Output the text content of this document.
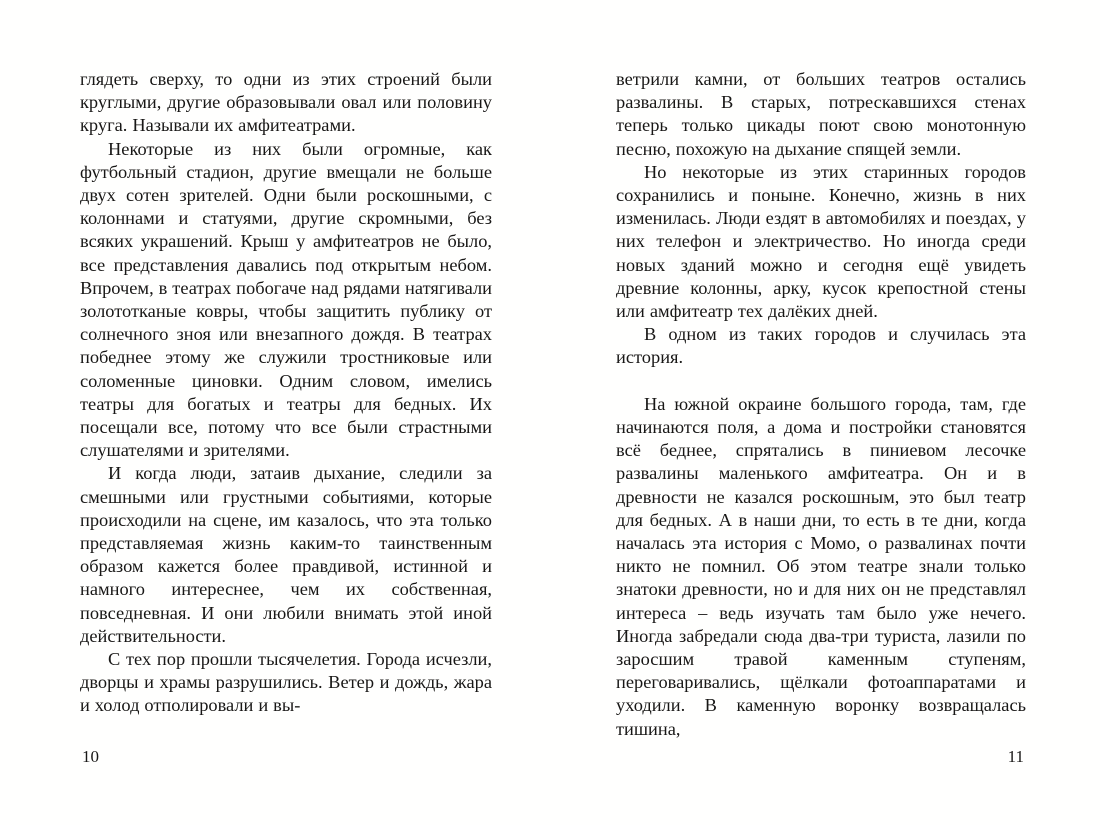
глядеть сверху, то одни из этих строений были круглыми, другие образовывали овал или половину круга. Называли их амфитеатрами.

Некоторые из них были огромные, как футбольный стадион, другие вмещали не больше двух сотен зрителей. Одни были роскошными, с колоннами и статуями, другие скромными, без всяких украшений. Крыш у амфитеатров не было, все представления давались под открытым небом. Впрочем, в театрах побогаче над рядами натягивали золототканые ковры, чтобы защитить публику от солнечного зноя или внезапного дождя. В театрах победнее этому же служили тростниковые или соломенные циновки. Одним словом, имелись театры для богатых и театры для бедных. Их посещали все, потому что все были страстными слушателями и зрителями.

И когда люди, затаив дыхание, следили за смешными или грустными событиями, которые происходили на сцене, им казалось, что эта только представляемая жизнь каким-то таинственным образом кажется более правдивой, истинной и намного интереснее, чем их собственная, повседневная. И они любили внимать этой иной действительности.

С тех пор прошли тысячелетия. Города исчезли, дворцы и храмы разрушились. Ветер и дождь, жара и холод отполировали и вы-

10

ветрили камни, от больших театров остались развалины. В старых, потрескавшихся стенах теперь только цикады поют свою монотонную песню, похожую на дыхание спящей земли.

Но некоторые из этих старинных городов сохранились и поныне. Конечно, жизнь в них изменилась. Люди ездят в автомобилях и поездах, у них телефон и электричество. Но иногда среди новых зданий можно и сегодня ещё увидеть древние колонны, арку, кусок крепостной стены или амфитеатр тех далёких дней.

В одном из таких городов и случилась эта история.

На южной окраине большого города, там, где начинаются поля, а дома и постройки становятся всё беднее, спрятались в пиниевом лесочке развалины маленького амфитеатра. Он и в древности не казался роскошным, это был театр для бедных. А в наши дни, то есть в те дни, когда началась эта история с Момо, о развалинах почти никто не помнил. Об этом театре знали только знатоки древности, но и для них он не представлял интереса – ведь изучать там было уже нечего. Иногда забредали сюда два-три туриста, лазили по заросшим травой каменным ступеням, переговаривались, щёлкали фотоаппаратами и уходили. В каменную воронку возвращалась тишина,

11
